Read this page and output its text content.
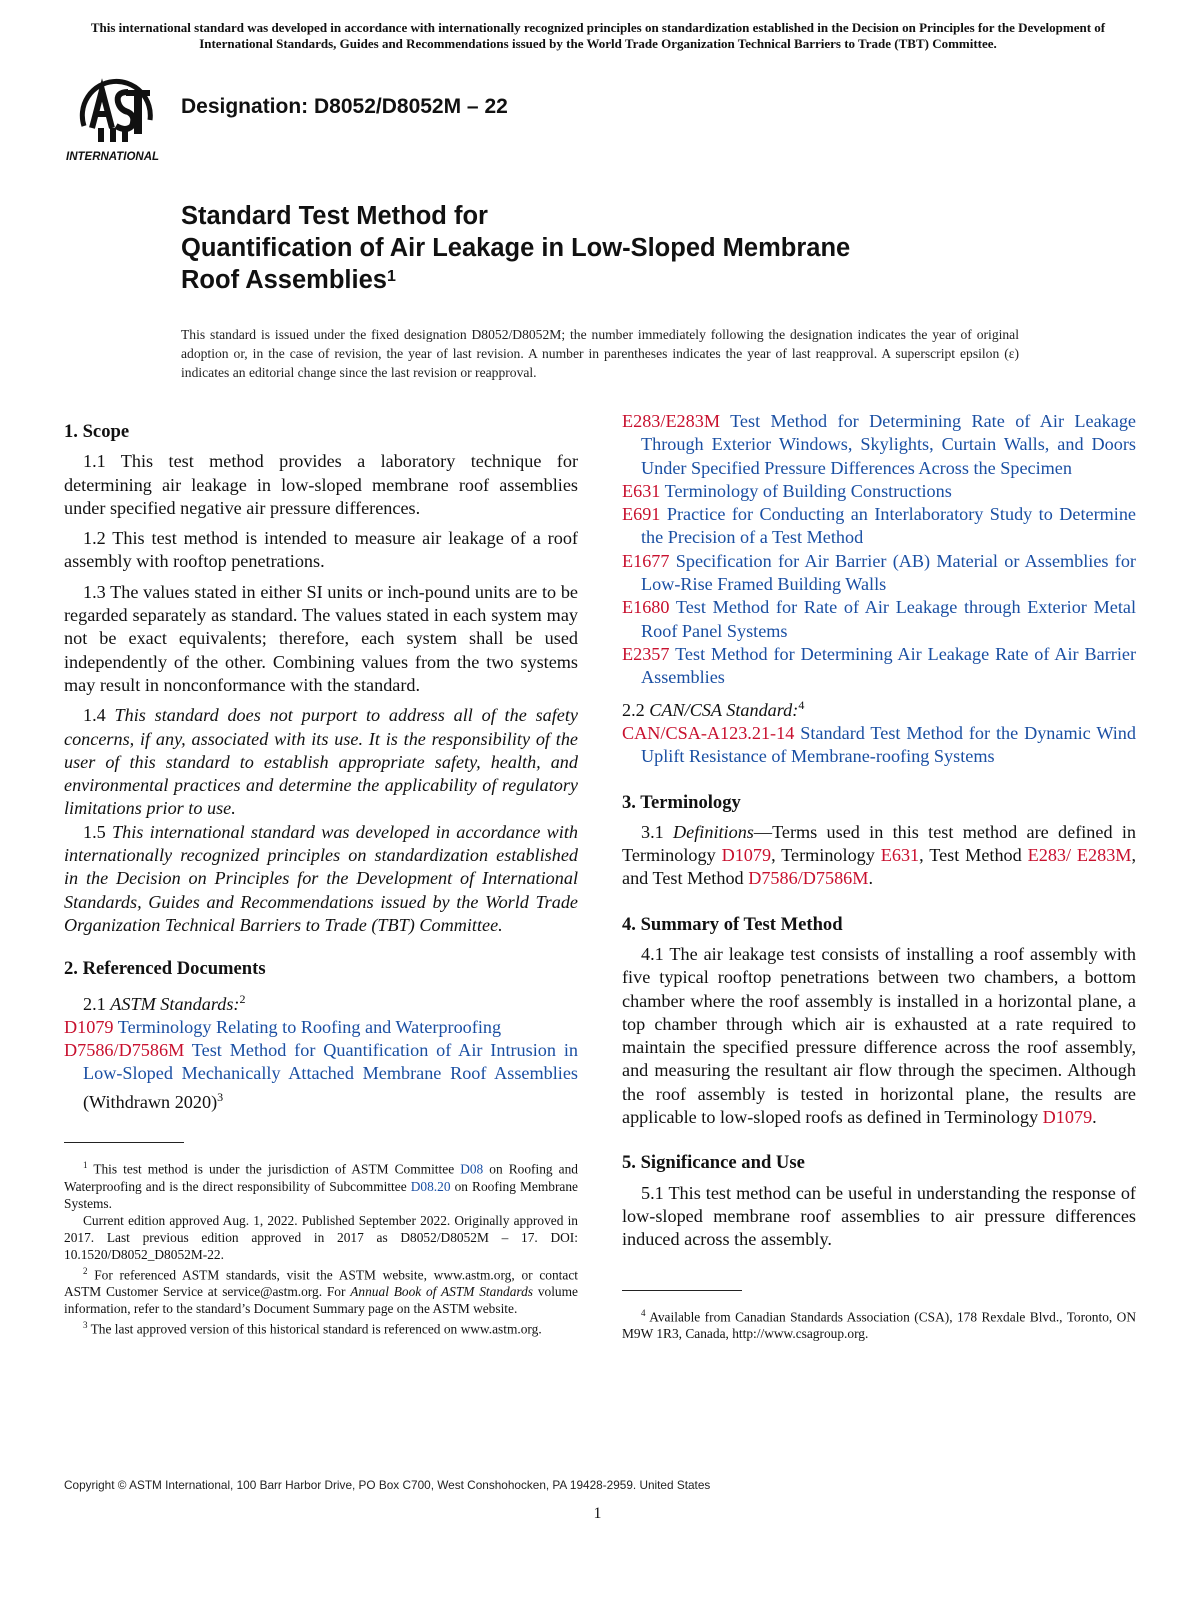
This international standard was developed in accordance with internationally recognized principles on standardization established in the Decision on Principles for the Development of International Standards, Guides and Recommendations issued by the World Trade Organization Technical Barriers to Trade (TBT) Committee.
INTERNATIONAL
Designation: D8052/D8052M – 22
Standard Test Method for
Quantification of Air Leakage in Low-Sloped Membrane
Roof Assemblies$^1$
This standard is issued under the fixed designation D8052/D8052M; the number immediately following the designation indicates the year of original adoption or, in the case of revision, the year of last revision. A number in parentheses indicates the year of last reapproval. A superscript epsilon (ε) indicates an editorial change since the last revision or reapproval.
1. Scope

1.1 This test method provides a laboratory technique for determining air leakage in low-sloped membrane roof assemblies under specified negative air pressure differences.

1.2 This test method is intended to measure air leakage of a roof assembly with rooftop penetrations.

1.3 The values stated in either SI units or inch-pound units are to be regarded separately as standard. The values stated in each system may not be exact equivalents; therefore, each system shall be used independently of the other. Combining values from the two systems may result in nonconformance with the standard.

1.4 This standard does not purport to address all of the safety concerns, if any, associated with its use. It is the responsibility of the user of this standard to establish appropriate safety, health, and environmental practices and determine the applicability of regulatory limitations prior to use.

1.5 This international standard was developed in accordance with internationally recognized principles on standardization established in the Decision on Principles for the Development of International Standards, Guides and Recommendations issued by the World Trade Organization Technical Barriers to Trade (TBT) Committee.

2. Referenced Documents

2.1 ASTM Standards:$^2$

D1079 Terminology Relating to Roofing and Waterproofing

D7586/D7586M Test Method for Quantification of Air Intrusion in Low-Sloped Mechanically Attached Membrane Roof Assemblies (Withdrawn 2020)$^3$

$^1$ This test method is under the jurisdiction of ASTM Committee D08 on Roofing and Waterproofing and is the direct responsibility of Subcommittee D08.20 on Roofing Membrane Systems.

Current edition approved Aug. 1, 2022. Published September 2022. Originally approved in 2017. Last previous edition approved in 2017 as D8052/D8052M – 17. DOI: 10.1520/D8052_D8052M-22.

$^2$ For referenced ASTM standards, visit the ASTM website, www.astm.org, or contact ASTM Customer Service at service@astm.org. For Annual Book of ASTM Standards volume information, refer to the standard’s Document Summary page on the ASTM website.

$^3$ The last approved version of this historical standard is referenced on www.astm.org.

E283/E283M Test Method for Determining Rate of Air Leakage Through Exterior Windows, Skylights, Curtain Walls, and Doors Under Specified Pressure Differences Across the Specimen

E631 Terminology of Building Constructions

E691 Practice for Conducting an Interlaboratory Study to Determine the Precision of a Test Method

E1677 Specification for Air Barrier (AB) Material or Assemblies for Low-Rise Framed Building Walls

E1680 Test Method for Rate of Air Leakage through Exterior Metal Roof Panel Systems

E2357 Test Method for Determining Air Leakage Rate of Air Barrier Assemblies

2.2 CAN/CSA Standard:$^4$

CAN/CSA-A123.21-14 Standard Test Method for the Dynamic Wind Uplift Resistance of Membrane-roofing Systems

3. Terminology

3.1 Definitions—Terms used in this test method are defined in Terminology D1079, Terminology E631, Test Method E283/ E283M, and Test Method D7586/D7586M.

4. Summary of Test Method

4.1 The air leakage test consists of installing a roof assembly with five typical rooftop penetrations between two chambers, a bottom chamber where the roof assembly is installed in a horizontal plane, a top chamber through which air is exhausted at a rate required to maintain the specified pressure difference across the roof assembly, and measuring the resultant air flow through the specimen. Although the roof assembly is tested in horizontal plane, the results are applicable to low-sloped roofs as defined in Terminology D1079.

5. Significance and Use

5.1 This test method can be useful in understanding the response of low-sloped membrane roof assemblies to air pressure differences induced across the assembly.

$^4$ Available from Canadian Standards Association (CSA), 178 Rexdale Blvd., Toronto, ON M9W 1R3, Canada, http://www.csagroup.org.

Copyright © ASTM International, 100 Barr Harbor Drive, PO Box C700, West Conshohocken, PA 19428-2959. United States
1
